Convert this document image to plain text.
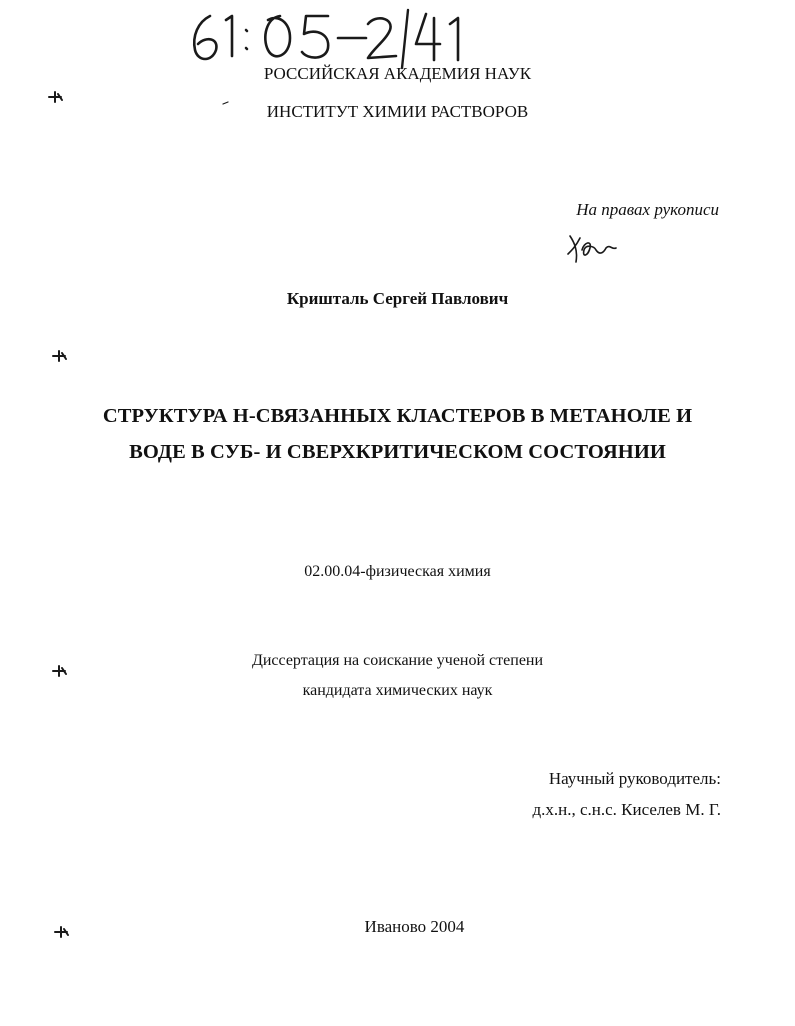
РОССИЙСКАЯ АКАДЕМИЯ НАУК
ИНСТИТУТ ХИМИИ РАСТВОРОВ
На правах рукописи
Кришталь Сергей Павлович
СТРУКТУРА Н-СВЯЗАННЫХ КЛАСТЕРОВ В МЕТАНОЛЕ И
ВОДЕ В СУБ- И СВЕРХКРИТИЧЕСКОМ СОСТОЯНИИ
02.00.04-физическая химия
Диссертация на соискание ученой степени
кандидата химических наук
Научный руководитель:
д.х.н., с.н.с. Киселев М. Г.
Иваново 2004
